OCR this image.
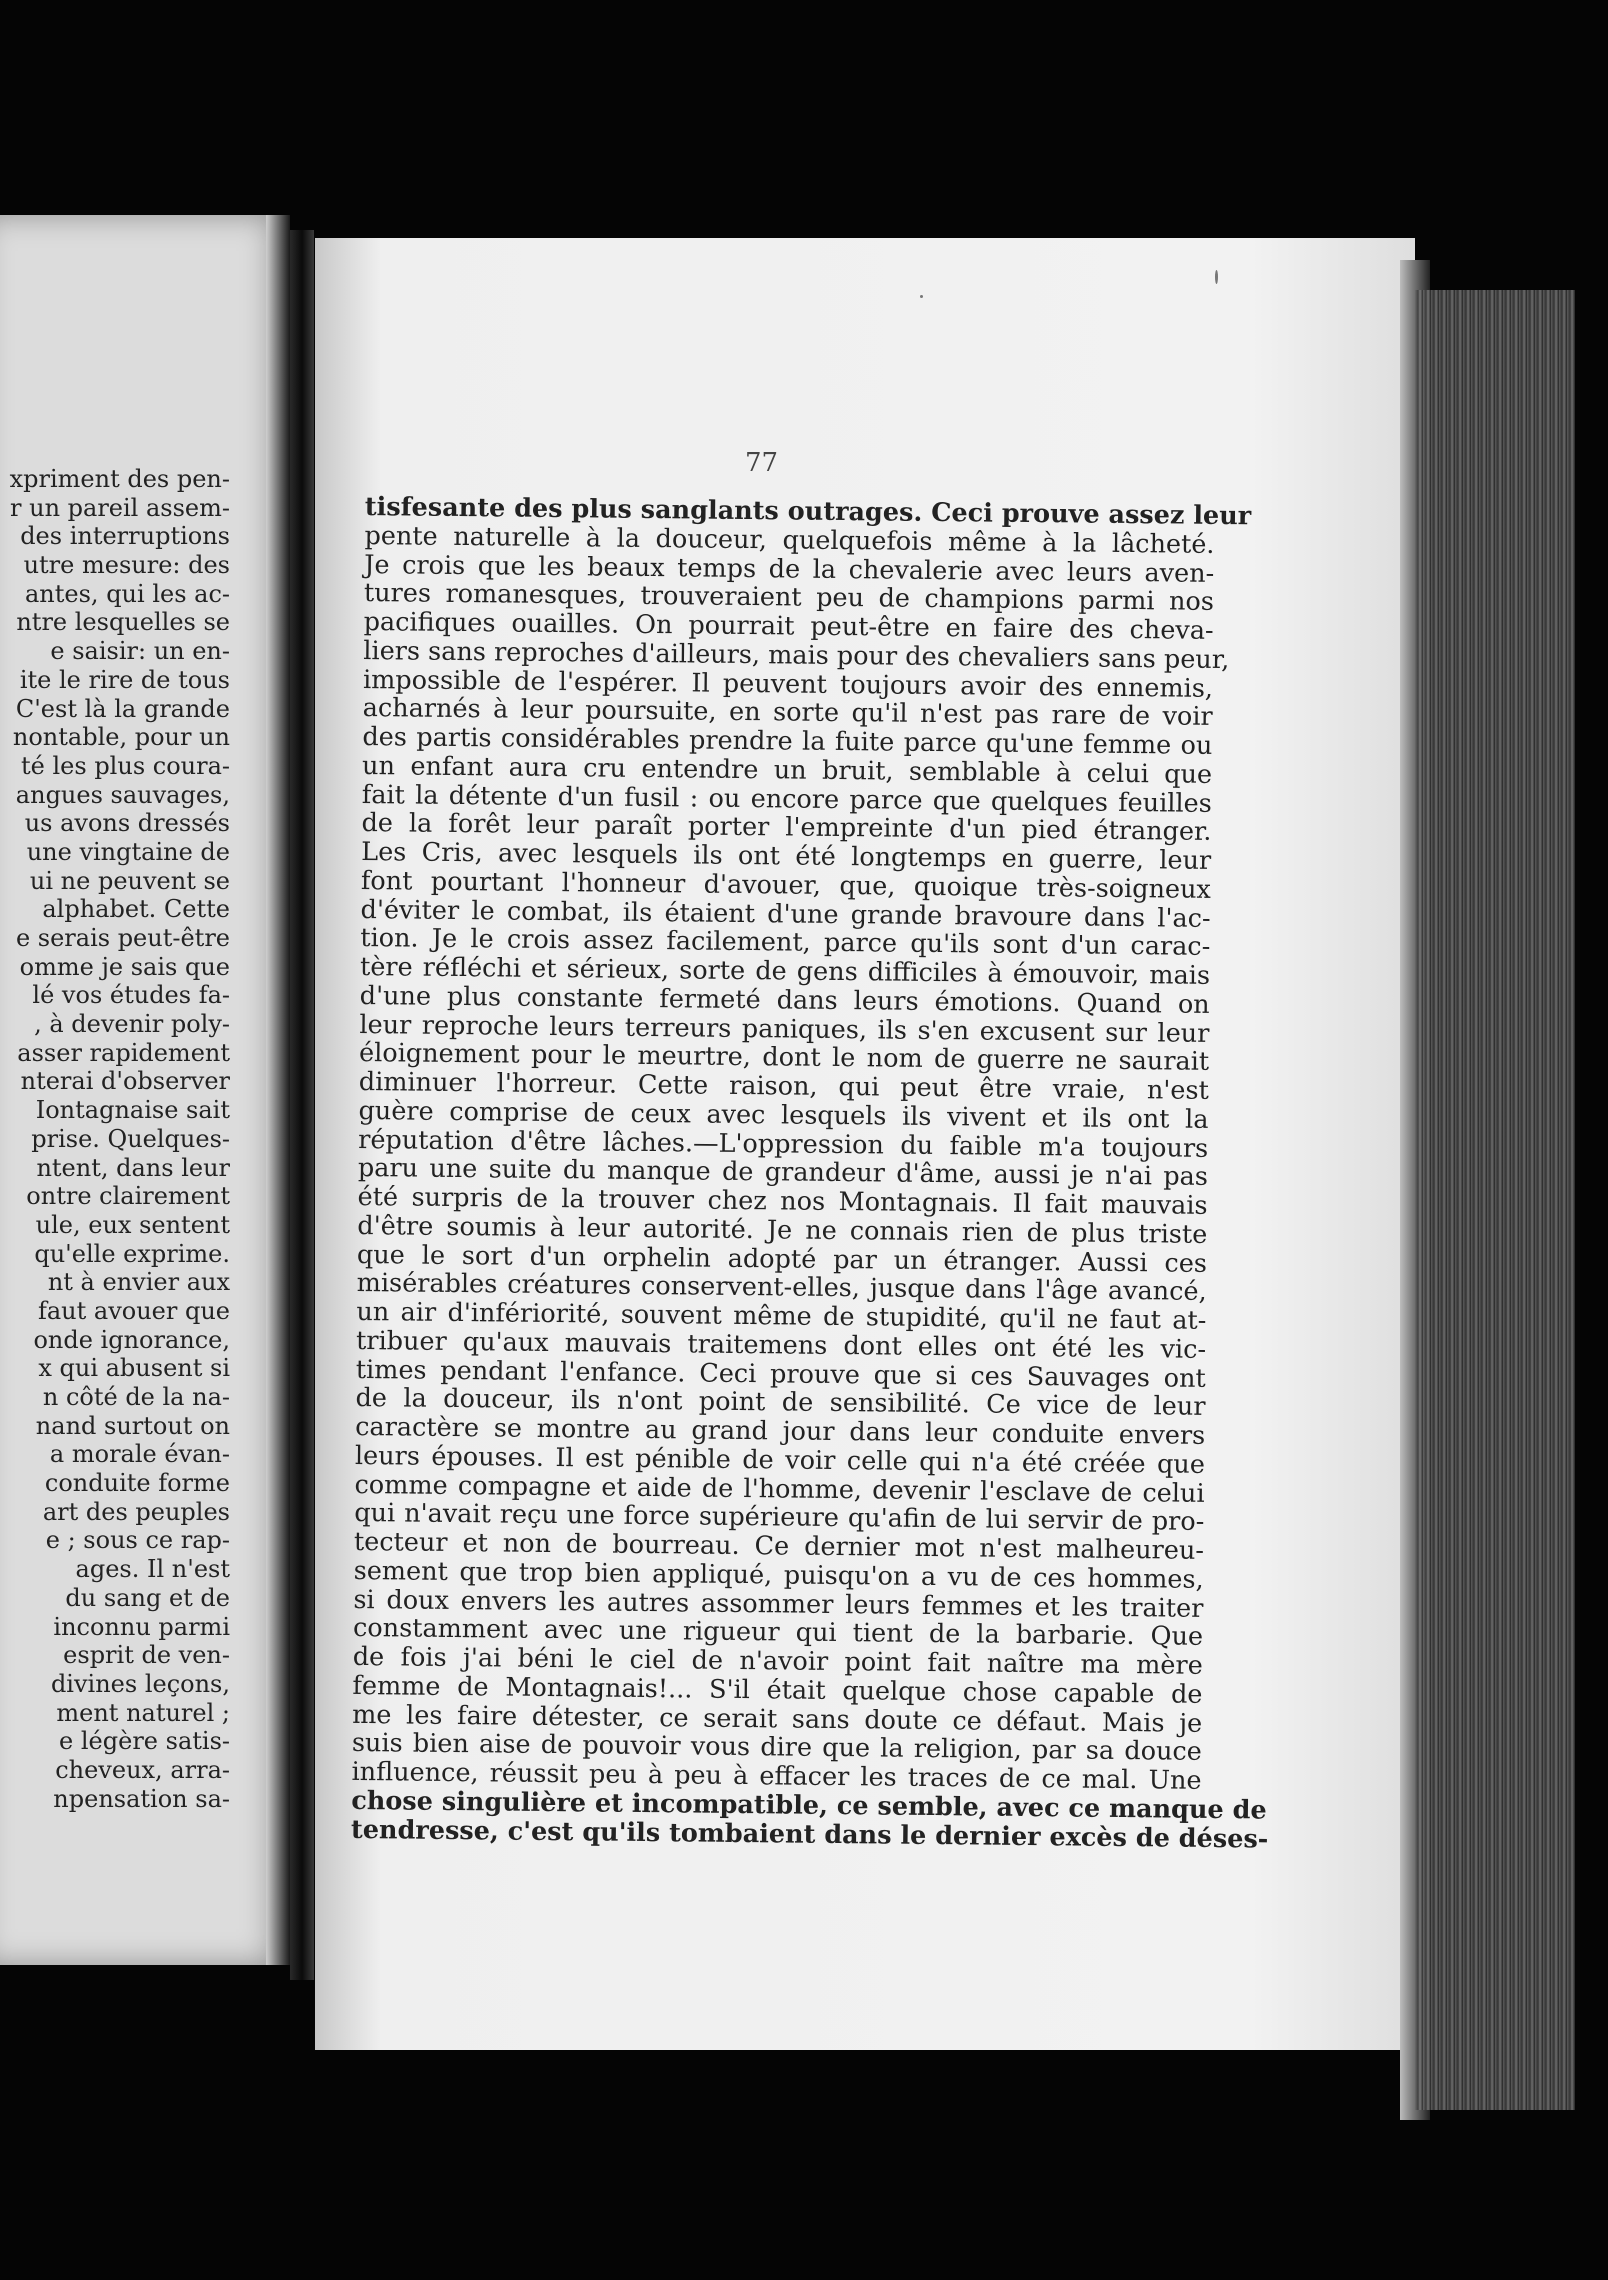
xpriment des pen-
r un pareil assem-
des interruptions
utre mesure: des
antes, qui les ac-
ntre lesquelles se
e saisir: un en-
ite le rire de tous
C'est là la grande
nontable, pour un
té les plus coura-
angues sauvages,
us avons dressés
une vingtaine de
ui ne peuvent se
alphabet. Cette
e serais peut-être
omme je sais que
lé vos études fa-
, à devenir poly-
asser rapidement
nterai d'observer
Iontagnaise sait
prise. Quelques-
ntent, dans leur
ontre clairement
ule, eux sentent
qu'elle exprime.
nt à envier aux
faut avouer que
onde ignorance,
x qui abusent si
n côté de la na-
nand surtout on
a morale évan-
conduite forme
art des peuples
e ; sous ce rap-
ages. Il n'est
du sang et de
inconnu parmi
esprit de ven-
divines leçons,
ment naturel ;
e légère satis-
cheveux, arra-
npensation sa-
77
tisfesante des plus sanglants outrages. Ceci prouve assez leur
pente naturelle à la douceur, quelquefois même à la lâcheté.
Je crois que les beaux temps de la chevalerie avec leurs aven-
tures romanesques, trouveraient peu de champions parmi nos
pacifiques ouailles. On pourrait peut-être en faire des cheva-
liers sans reproches d'ailleurs, mais pour des chevaliers sans peur,
impossible de l'espérer. Il peuvent toujours avoir des ennemis,
acharnés à leur poursuite, en sorte qu'il n'est pas rare de voir
des partis considérables prendre la fuite parce qu'une femme ou
un enfant aura cru entendre un bruit, semblable à celui que
fait la détente d'un fusil : ou encore parce que quelques feuilles
de la forêt leur paraît porter l'empreinte d'un pied étranger.
Les Cris, avec lesquels ils ont été longtemps en guerre, leur
font pourtant l'honneur d'avouer, que, quoique très-soigneux
d'éviter le combat, ils étaient d'une grande bravoure dans l'ac-
tion. Je le crois assez facilement, parce qu'ils sont d'un carac-
tère réfléchi et sérieux, sorte de gens difficiles à émouvoir, mais
d'une plus constante fermeté dans leurs émotions. Quand on
leur reproche leurs terreurs paniques, ils s'en excusent sur leur
éloignement pour le meurtre, dont le nom de guerre ne saurait
diminuer l'horreur. Cette raison, qui peut être vraie, n'est
guère comprise de ceux avec lesquels ils vivent et ils ont la
réputation d'être lâches.—L'oppression du faible m'a toujours
paru une suite du manque de grandeur d'âme, aussi je n'ai pas
été surpris de la trouver chez nos Montagnais. Il fait mauvais
d'être soumis à leur autorité. Je ne connais rien de plus triste
que le sort d'un orphelin adopté par un étranger. Aussi ces
misérables créatures conservent-elles, jusque dans l'âge avancé,
un air d'infériorité, souvent même de stupidité, qu'il ne faut at-
tribuer qu'aux mauvais traitemens dont elles ont été les vic-
times pendant l'enfance. Ceci prouve que si ces Sauvages ont
de la douceur, ils n'ont point de sensibilité. Ce vice de leur
caractère se montre au grand jour dans leur conduite envers
leurs épouses. Il est pénible de voir celle qui n'a été créée que
comme compagne et aide de l'homme, devenir l'esclave de celui
qui n'avait reçu une force supérieure qu'afin de lui servir de pro-
tecteur et non de bourreau. Ce dernier mot n'est malheureu-
sement que trop bien appliqué, puisqu'on a vu de ces hommes,
si doux envers les autres assommer leurs femmes et les traiter
constamment avec une rigueur qui tient de la barbarie. Que
de fois j'ai béni le ciel de n'avoir point fait naître ma mère
femme de Montagnais!... S'il était quelque chose capable de
me les faire détester, ce serait sans doute ce défaut. Mais je
suis bien aise de pouvoir vous dire que la religion, par sa douce
influence, réussit peu à peu à effacer les traces de ce mal. Une
chose singulière et incompatible, ce semble, avec ce manque de
tendresse, c'est qu'ils tombaient dans le dernier excès de déses-
